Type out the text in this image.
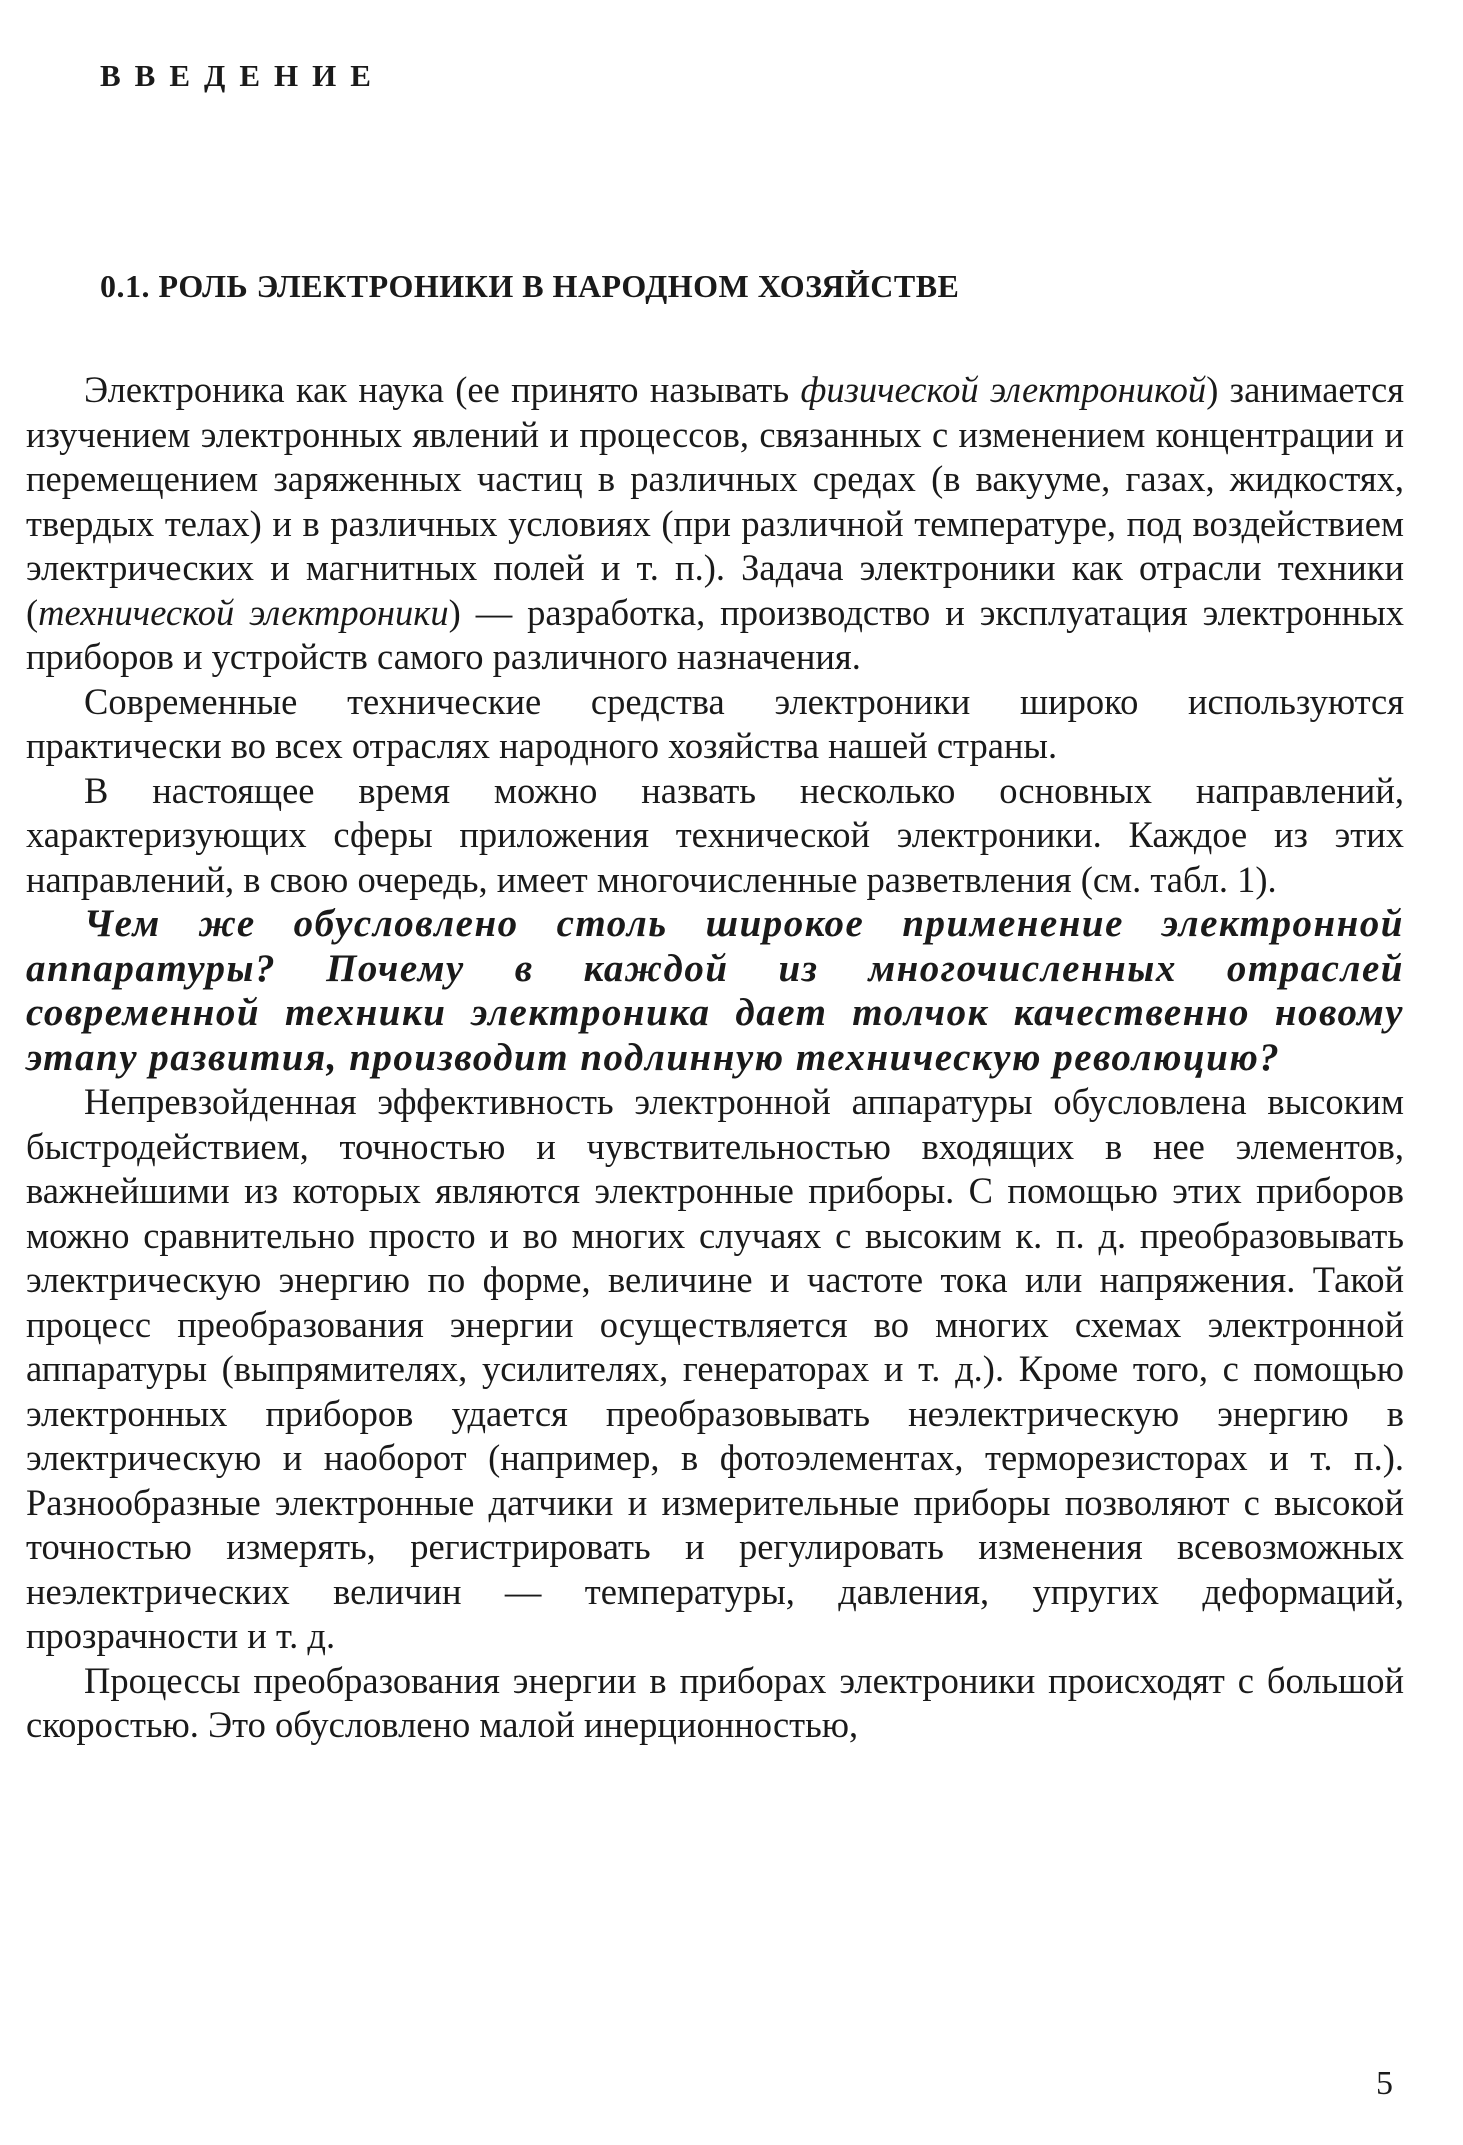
ВВЕДЕНИЕ
0.1. РОЛЬ ЭЛЕКТРОНИКИ В НАРОДНОМ ХОЗЯЙСТВЕ

Электроника как наука (ее принято называть физической электроникой) занимается изучением электронных явлений и процессов, связанных с изменением концентрации и перемещением заряженных частиц в различных средах (в вакууме, газах, жидкостях, твердых телах) и в различных условиях (при различной температуре, под воздействием электрических и магнитных полей и т. п.). Задача электроники как отрасли техники (технической электроники) — разработка, производство и эксплуатация электронных приборов и устройств самого различного назначения.

Современные технические средства электроники широко используются практически во всех отраслях народного хозяйства нашей страны.

В настоящее время можно назвать несколько основных направлений, характеризующих сферы приложения технической электроники. Каждое из этих направлений, в свою очередь, имеет многочисленные разветвления (см. табл. 1).

Чем же обусловлено столь широкое применение электронной аппаратуры? Почему в каждой из многочисленных отраслей современной техники электроника дает толчок качественно новому этапу развития, производит подлинную техническую революцию?

Непревзойденная эффективность электронной аппаратуры обусловлена высоким быстродействием, точностью и чувствительностью входящих в нее элементов, важнейшими из которых являются электронные приборы. С помощью этих приборов можно сравнительно просто и во многих случаях с высоким к. п. д. преобразовывать электрическую энергию по форме, величине и частоте тока или напряжения. Такой процесс преобразования энергии осуществляется во многих схемах электронной аппаратуры (выпрямителях, усилителях, генераторах и т. д.). Кроме того, с помощью электронных приборов удается преобразовывать неэлектрическую энергию в электрическую и наоборот (например, в фотоэлементах, терморезисторах и т. п.). Разнообразные электронные датчики и измерительные приборы позволяют с высокой точностью измерять, регистрировать и регулировать изменения всевозможных неэлектрических величин — температуры, давления, упругих деформаций, прозрачности и т. д.

Процессы преобразования энергии в приборах электроники происходят с большой скоростью. Это обусловлено малой инерционностью,

5
